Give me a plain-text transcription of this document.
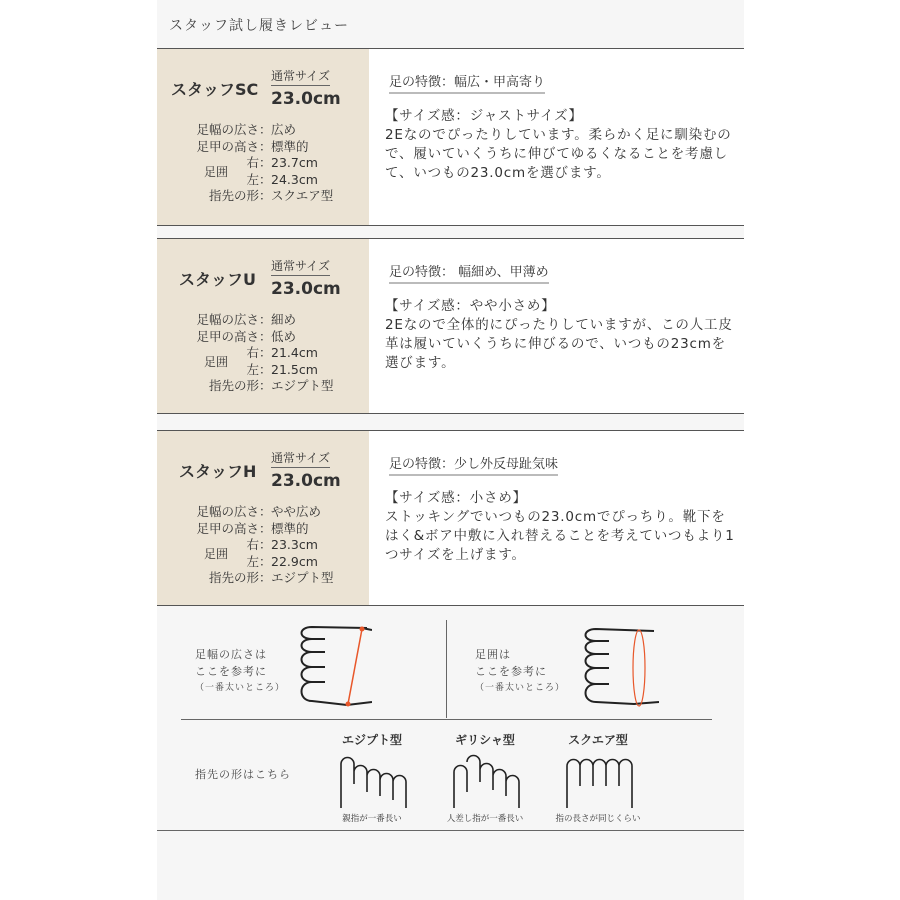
スタッフ試し履きレビュー
スタッフSC
通常サイズ
23.0cm
足幅の広さ ： 広め
足甲の高さ ： 標準的
右 ： 23.7cm
左 ： 24.3cm
指先の形 ： スクエア型
足囲
足の特徴：幅広・甲高寄り
【サイズ感：ジャストサイズ】
2Eなのでぴったりしています。柔らかく足に馴染むので、履いていくうちに伸びてゆるくなることを考慮して、いつもの23.0cmを選びます。
スタッフU
通常サイズ
23.0cm
足幅の広さ ： 細め
足甲の高さ ： 低め
右 ： 21.4cm
左 ： 21.5cm
指先の形 ： エジプト型
足囲
足の特徴： 幅細め、甲薄め
【サイズ感：やや小さめ】
2Eなので全体的にぴったりしていますが、この人工皮革は履いていくうちに伸びるので、いつもの23cmを選びます。
スタッフH
通常サイズ
23.0cm
足幅の広さ ： やや広め
足甲の高さ ： 標準的
右 ： 23.3cm
左 ： 22.9cm
指先の形 ： エジプト型
足囲
足の特徴：少し外反母趾気味
【サイズ感：小さめ】
ストッキングでいつもの23.0cmでぴっちり。靴下をはく&ボア中敷に入れ替えることを考えていつもより1つサイズを上げます。
足幅の広さは
ここを参考に
（一番太いところ）
足囲は
ここを参考に
（一番太いところ）
指先の形はこちら
エジプト型
親指が一番長い
ギリシャ型
人差し指が一番長い
スクエア型
指の長さが同じくらい
